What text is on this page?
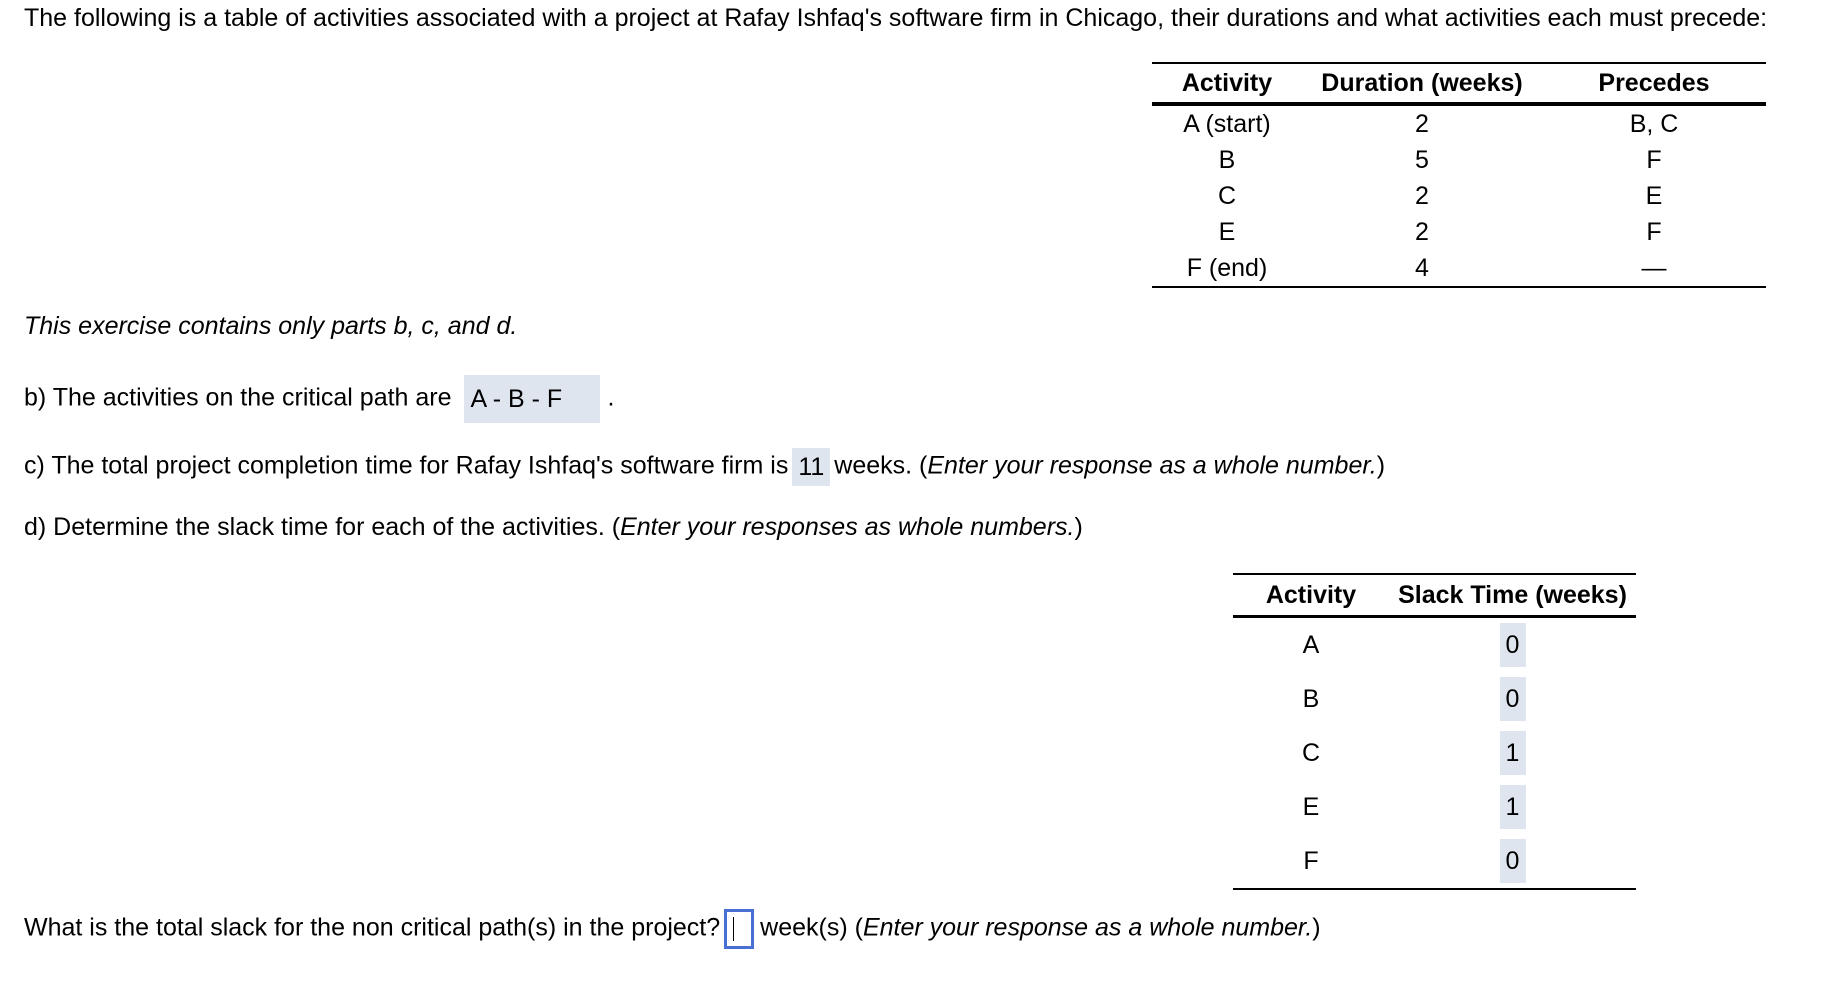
The following is a table of activities associated with a project at Rafay Ishfaq's software firm in Chicago, their durations and what activities each must precede:
Activity	Duration (weeks)	Precedes
A (start)	2	B, C
B	5	F
C	2	E
E	2	F
F (end)	4	—
This exercise contains only parts b, c, and d.
b) The activities on the critical path are A - B - F .
c) The total project completion time for Rafay Ishfaq's software firm is 11 weeks. (Enter your response as a whole number.)
d) Determine the slack time for each of the activities. (Enter your responses as whole numbers.)
Activity	Slack Time (weeks)
A	0
B	0
C	1
E	1
F	0
What is the total slack for the non critical path(s) in the project? week(s) (Enter your response as a whole number.)
